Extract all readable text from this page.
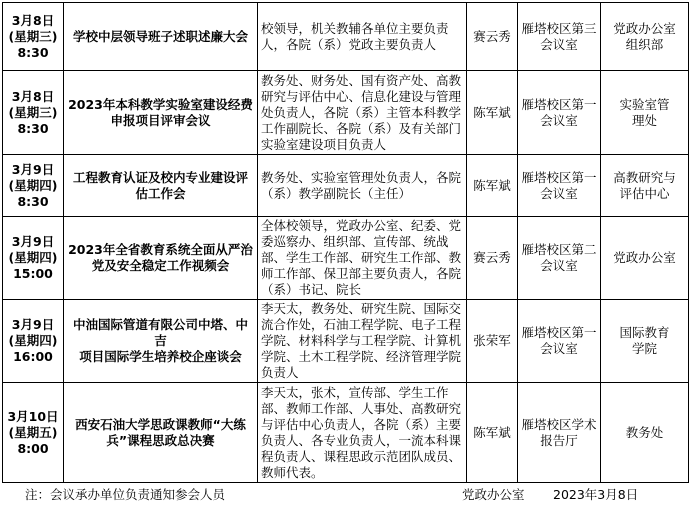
3月8日
(星期三)
8:30	学校中层领导班子述职述廉大会	校领导，机关教辅各单位主要负责人，各院（系）党政主要负责人	赛云秀	雁塔校区第三
会议室	党政办公室
组织部

3月8日
(星期三)
8:30	2023年本科教学实验室建设经费
申报项目评审会议	教务处、财务处、国有资产处、高教研究与评估中心、信息化建设与管理处负责人，各院（系）主管本科教学工作副院长、各院（系）及有关部门实验室建设项目负责人	陈军斌	雁塔校区第一
会议室	实验室管
理处

3月9日
(星期四)
8:30	工程教育认证及校内专业建设评
估工作会	教务处、实验室管理处负责人，各院（系）教学副院长（主任）	陈军斌	雁塔校区第一
会议室	高教研究与
评估中心

3月9日
(星期四)
15:00	2023年全省教育系统全面从严治
党及安全稳定工作视频会	全体校领导，党政办公室、纪委、党委巡察办、组织部、宣传部、统战部、学生工作部、研究生工作部、教师工作部、保卫部主要负责人，各院（系）书记、院长	赛云秀	雁塔校区第二
会议室	党政办公室

3月9日
(星期四)
16:00	中油国际管道有限公司中塔、中吉
项目国际学生培养校企座谈会	李天太，教务处、研究生院、国际交流合作处，石油工程学院、电子工程学院、材料科学与工程学院、计算机学院、土木工程学院、经济管理学院负责人	张荣军	雁塔校区第一
会议室	国际教育
学院

3月10日
(星期五)
8:00	西安石油大学思政课教师“大练
兵”课程思政总决赛	李天太，张术，宣传部、学生工作部、教师工作部、人事处、高教研究与评估中心负责人，各院（系）主要负责人、各专业负责人，一流本科课程负责人、课程思政示范团队成员、教师代表。	陈军斌	雁塔校区学术
报告厅	教务处
注：会议承办单位负责通知参会人员	党政办公室 2023年3月8日
